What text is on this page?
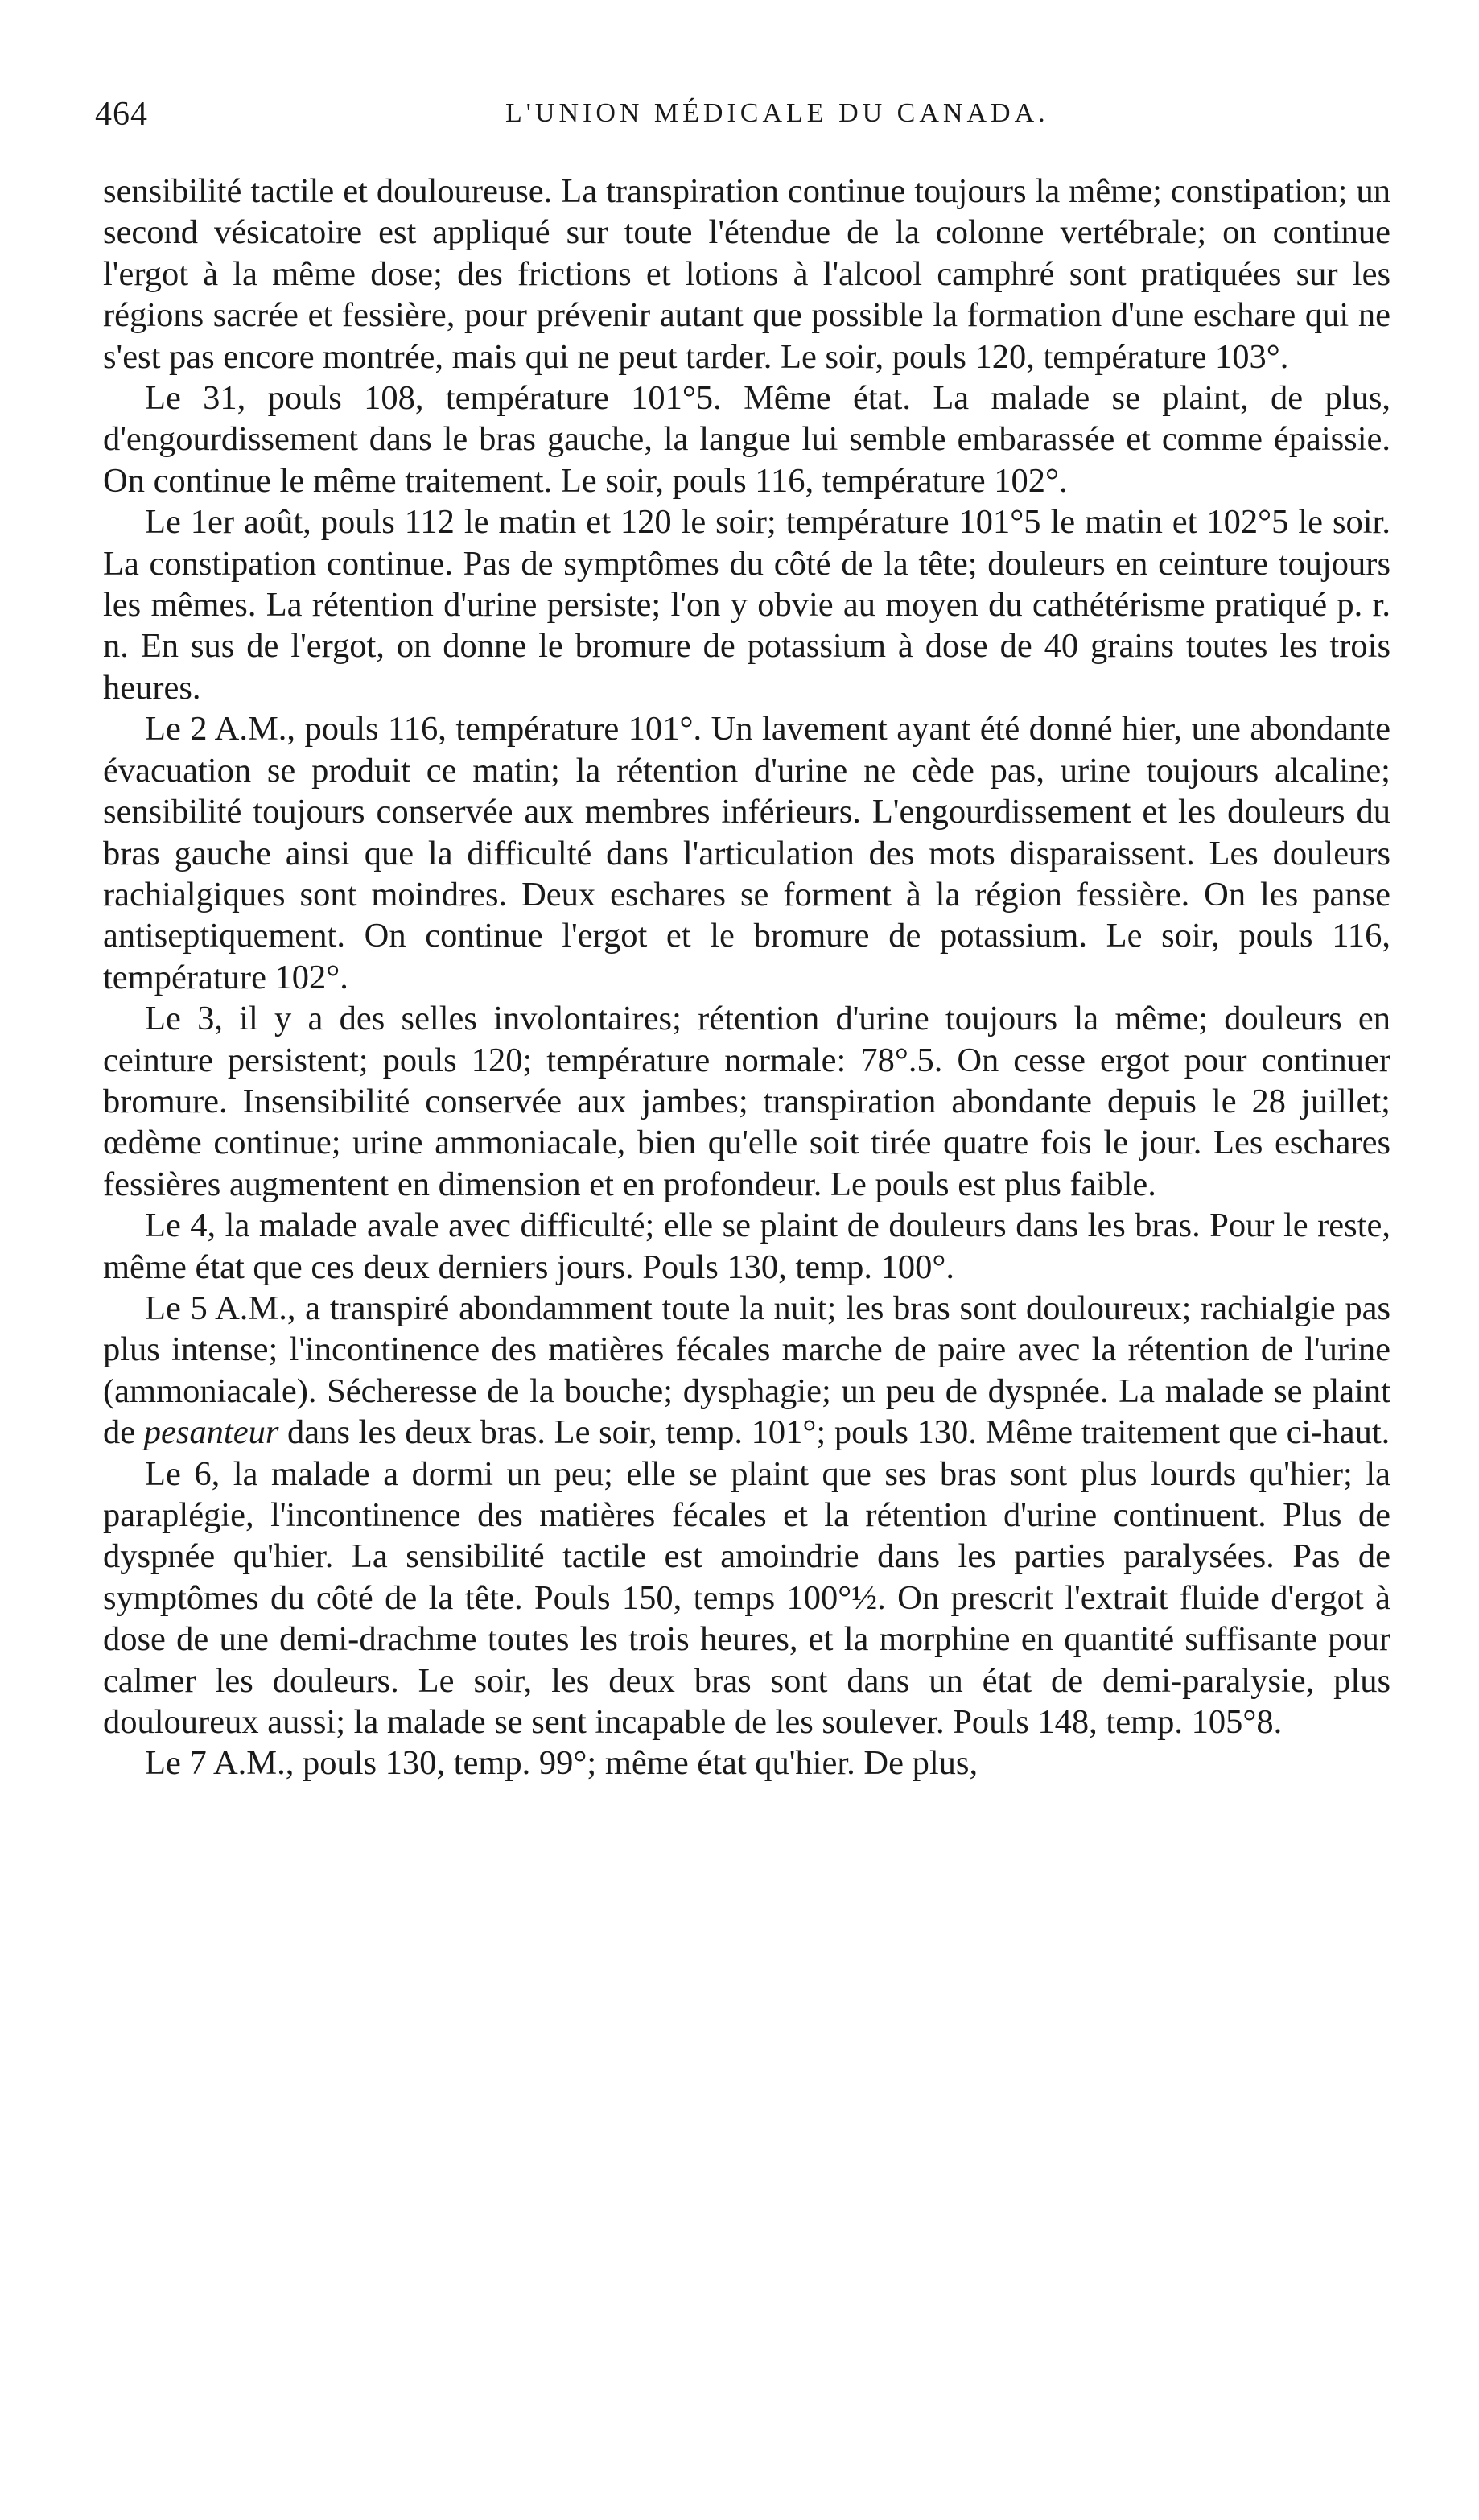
464	L'UNION MÉDICALE DU CANADA.

sensibilité tactile et douloureuse. La transpiration continue toujours la même; constipation; un second vésicatoire est appliqué sur toute l'étendue de la colonne vertébrale; on continue l'ergot à la même dose; des frictions et lotions à l'alcool camphré sont pratiquées sur les régions sacrée et fessière, pour prévenir autant que possible la formation d'une eschare qui ne s'est pas encore montrée, mais qui ne peut tarder. Le soir, pouls 120, température 103°.

Le 31, pouls 108, température 101°5. Même état. La malade se plaint, de plus, d'engourdissement dans le bras gauche, la langue lui semble embarassée et comme épaissie. On continue le même traitement. Le soir, pouls 116, température 102°.

Le 1er août, pouls 112 le matin et 120 le soir; température 101°5 le matin et 102°5 le soir. La constipation continue. Pas de symptômes du côté de la tête; douleurs en ceinture toujours les mêmes. La rétention d'urine persiste; l'on y obvie au moyen du cathétérisme pratiqué p. r. n. En sus de l'ergot, on donne le bromure de potassium à dose de 40 grains toutes les trois heures.

Le 2 A.M., pouls 116, température 101°. Un lavement ayant été donné hier, une abondante évacuation se produit ce matin; la rétention d'urine ne cède pas, urine toujours alcaline; sensibilité toujours conservée aux membres inférieurs. L'engourdissement et les douleurs du bras gauche ainsi que la difficulté dans l'articulation des mots disparaissent. Les douleurs rachialgiques sont moindres. Deux eschares se forment à la région fessière. On les panse antiseptiquement. On continue l'ergot et le bromure de potassium. Le soir, pouls 116, température 102°.

Le 3, il y a des selles involontaires; rétention d'urine toujours la même; douleurs en ceinture persistent; pouls 120; température normale: 78°.5. On cesse ergot pour continuer bromure. Insensibilité conservée aux jambes; transpiration abondante depuis le 28 juillet; œdème continue; urine ammoniacale, bien qu'elle soit tirée quatre fois le jour. Les eschares fessières augmentent en dimension et en profondeur. Le pouls est plus faible.

Le 4, la malade avale avec difficulté; elle se plaint de douleurs dans les bras. Pour le reste, même état que ces deux derniers jours. Pouls 130, temp. 100°.

Le 5 A.M., a transpiré abondamment toute la nuit; les bras sont douloureux; rachialgie pas plus intense; l'incontinence des matières fécales marche de paire avec la rétention de l'urine (ammoniacale). Sécheresse de la bouche; dysphagie; un peu de dyspnée. La malade se plaint de pesanteur dans les deux bras. Le soir, temp. 101°; pouls 130. Même traitement que ci-haut.

Le 6, la malade a dormi un peu; elle se plaint que ses bras sont plus lourds qu'hier; la paraplégie, l'incontinence des matières fécales et la rétention d'urine continuent. Plus de dyspnée qu'hier. La sensibilité tactile est amoindrie dans les parties paralysées. Pas de symptômes du côté de la tête. Pouls 150, temps 100°½. On prescrit l'extrait fluide d'ergot à dose de une demi-drachme toutes les trois heures, et la morphine en quantité suffisante pour calmer les douleurs. Le soir, les deux bras sont dans un état de demi-paralysie, plus douloureux aussi; la malade se sent incapable de les soulever. Pouls 148, temp. 105°8.

Le 7 A.M., pouls 130, temp. 99°; même état qu'hier. De plus,
